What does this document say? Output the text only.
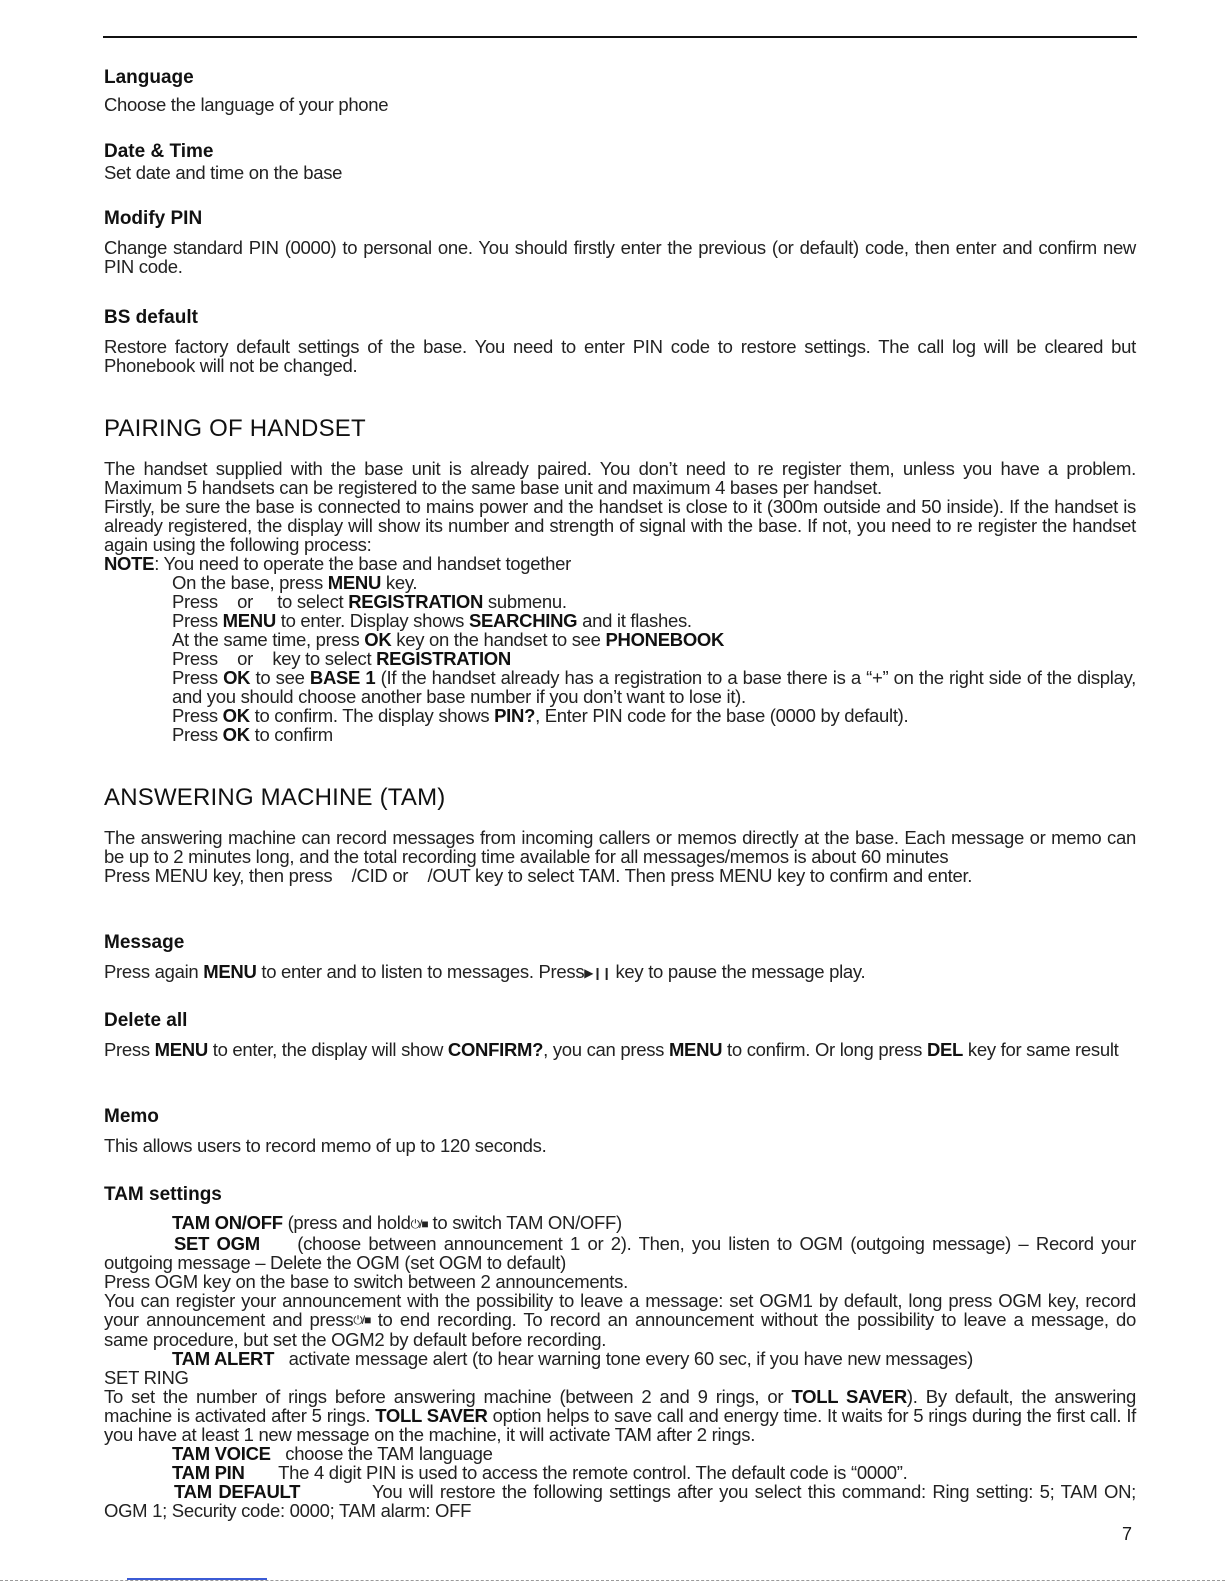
Language

Choose the language of your phone

Date & Time

Set date and time on the base

Modify PIN

Change standard PIN (0000) to personal one. You should firstly enter the previous (or default) code, then enter and confirm new PIN code.

BS default

Restore factory default settings of the base. You need to enter PIN code to restore settings. The call log will be cleared but Phonebook will not be changed.

PAIRING OF HANDSET

The handset supplied with the base unit is already paired. You don’t need to re register them, unless you have a problem. Maximum 5 handsets can be registered to the same base unit and maximum 4 bases per handset.

Firstly, be sure the base is connected to mains power and the handset is close to it (300m outside and 50 inside). If the handset is already registered, the display will show its number and strength of signal with the base. If not, you need to re register the handset again using the following process:

NOTE: You need to operate the base and handset together

On the base, press MENU key.

Press    or     to select REGISTRATION submenu.

Press MENU to enter. Display shows SEARCHING and it flashes.

At the same time, press OK key on the handset to see PHONEBOOK

Press    or    key to select REGISTRATION

Press OK to see BASE 1 (If the handset already has a registration to a base there is a “+” on the right side of the display, and you should choose another base number if you don’t want to lose it).

Press OK to confirm. The display shows PIN?, Enter PIN code for the base (0000 by default).

Press OK to confirm

ANSWERING MACHINE (TAM)

The answering machine can record messages from incoming callers or memos directly at the base. Each message or memo can be up to 2 minutes long, and the total recording time available for all messages/memos is about 60 minutes

Press MENU key, then press    /CID or    /OUT key to select TAM. Then press MENU key to confirm and enter.

Message

Press again MENU to enter and to listen to messages. Press▶❙❙ key to pause the message play.

Delete all

Press MENU to enter, the display will show CONFIRM?, you can press MENU to confirm. Or long press DEL key for same result

Memo

This allows users to record memo of up to 120 seconds.

TAM settings

TAM ON/OFF (press and hold⏻/■ to switch TAM ON/OFF)

SET OGM     (choose between announcement 1 or 2). Then, you listen to OGM (outgoing message) – Record your outgoing message – Delete the OGM (set OGM to default)

Press OGM key on the base to switch between 2 announcements.

You can register your announcement with the possibility to leave a message: set OGM1 by default, long press OGM key, record your announcement and press⏻/■ to end recording. To record an announcement without the possibility to leave a message, do same procedure, but set the OGM2 by default before recording.

TAM ALERT   activate message alert (to hear warning tone every 60 sec, if you have new messages)

SET RING

To set the number of rings before answering machine (between 2 and 9 rings, or TOLL SAVER). By default, the answering machine is activated after 5 rings. TOLL SAVER option helps to save call and energy time. It waits for 5 rings during the first call. If you have at least 1 new message on the machine, it will activate TAM after 2 rings.

TAM VOICE   choose the TAM language

TAM PIN       The 4 digit PIN is used to access the remote control. The default code is “0000”.

TAM DEFAULT           You will restore the following settings after you select this command: Ring setting: 5; TAM ON; OGM 1; Security code: 0000; TAM alarm: OFF

7
